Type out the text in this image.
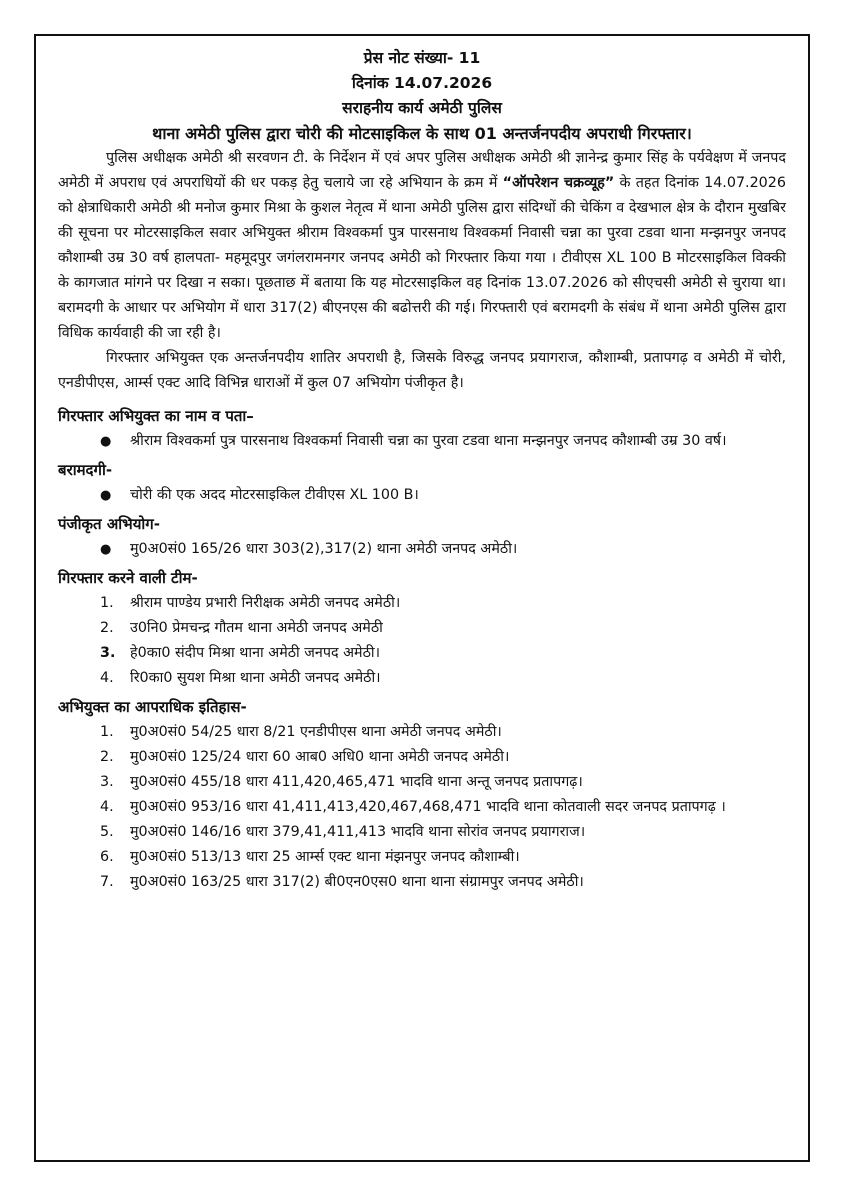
प्रेस नोट संख्या- 11
दिनांक 14.07.2026
सराहनीय कार्य अमेठी पुलिस
थाना अमेठी पुलिस द्वारा चोरी की मोटसाइकिल के साथ 01 अन्तर्जनपदीय अपराधी गिरफ्तार।

पुलिस अधीक्षक अमेठी श्री सरवणन टी. के निर्देशन में एवं अपर पुलिस अधीक्षक अमेठी श्री ज्ञानेन्द्र कुमार सिंह के पर्यवेक्षण में जनपद अमेठी में अपराध एवं अपराधियों की धर पकड़ हेतु चलाये जा रहे अभियान के क्रम में “ऑपरेशन चक्रव्यूह” के तहत दिनांक 14.07.2026 को क्षेत्राधिकारी अमेठी श्री मनोज कुमार मिश्रा के कुशल नेतृत्व में थाना अमेठी पुलिस द्वारा संदिग्धों की चेकिंग व देखभाल क्षेत्र के दौरान मुखबिर की सूचना पर मोटरसाइकिल सवार अभियुक्त श्रीराम विश्वकर्मा पुत्र पारसनाथ विश्वकर्मा निवासी चन्ना का पुरवा टडवा थाना मन्झनपुर जनपद कौशाम्बी उम्र 30 वर्ष हालपता- महमूदपुर जगंलरामनगर जनपद अमेठी को गिरफ्तार किया गया । टीवीएस XL 100 B मोटरसाइकिल विक्की के कागजात मांगने पर दिखा न सका। पूछताछ में बताया कि यह मोटरसाइकिल वह दिनांक 13.07.2026 को सीएचसी अमेठी से चुराया था। बरामदगी के आधार पर अभियोग में धारा 317(2) बीएनएस की बढोत्तरी की गई। गिरफ्तारी एवं बरामदगी के संबंध में थाना अमेठी पुलिस द्वारा विधिक कार्यवाही की जा रही है।

गिरफ्तार अभियुक्त एक अन्तर्जनपदीय शातिर अपराधी है, जिसके विरुद्ध जनपद प्रयागराज, कौशाम्बी, प्रतापगढ़ व अमेठी में चोरी, एनडीपीएस, आर्म्स एक्ट आदि विभिन्न धाराओं में कुल 07 अभियोग पंजीकृत है।

गिरफ्तार अभियुक्त का नाम व पता–
● श्रीराम विश्वकर्मा पुत्र पारसनाथ विश्वकर्मा निवासी चन्ना का पुरवा टडवा थाना मन्झनपुर जनपद कौशाम्बी उम्र 30 वर्ष।
बरामदगी-
● चोरी की एक अदद मोटरसाइकिल टीवीएस XL 100 B।
पंजीकृत अभियोग-
● मु0अ0सं0 165/26 धारा 303(2),317(2) थाना अमेठी जनपद अमेठी।
गिरफ्तार करने वाली टीम-
1. श्रीराम पाण्डेय प्रभारी निरीक्षक अमेठी जनपद अमेठी।
2. उ0नि0 प्रेमचन्द्र गौतम थाना अमेठी जनपद अमेठी
3. हे0का0 संदीप मिश्रा थाना अमेठी जनपद अमेठी।
4. रि0का0 सुयश मिश्रा थाना अमेठी जनपद अमेठी।
अभियुक्त का आपराधिक इतिहास-
1. मु0अ0सं0 54/25 धारा 8/21 एनडीपीएस थाना अमेठी जनपद अमेठी।
2. मु0अ0सं0 125/24 धारा 60 आब0 अधि0 थाना अमेठी जनपद अमेठी।
3. मु0अ0सं0 455/18 धारा 411,420,465,471 भादवि थाना अन्तू जनपद प्रतापगढ़।
4. मु0अ0सं0 953/16 धारा 41,411,413,420,467,468,471 भादवि थाना कोतवाली सदर जनपद प्रतापगढ़ ।
5. मु0अ0सं0 146/16 धारा 379,41,411,413 भादवि थाना सोरांव जनपद प्रयागराज।
6. मु0अ0सं0 513/13 धारा 25 आर्म्स एक्ट थाना मंझनपुर जनपद कौशाम्बी।
7. मु0अ0सं0 163/25 धारा 317(2) बी0एन0एस0 थाना थाना संग्रामपुर जनपद अमेठी।
